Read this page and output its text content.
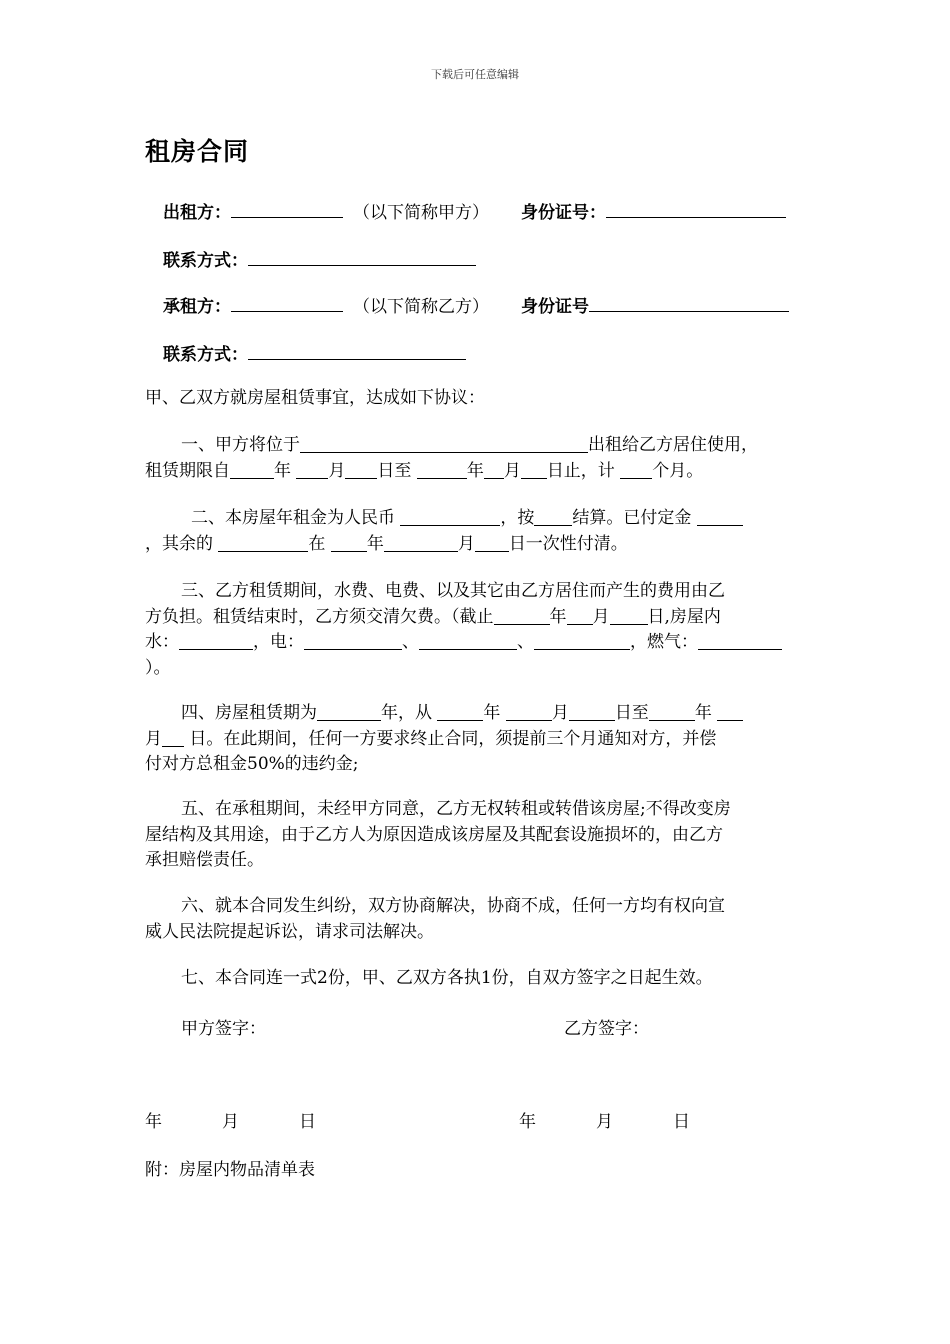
下载后可任意编辑
租房合同
出租方：	（以下简称甲方） 身份证号：
联系方式：
承租方：	（以下简称乙方） 身份证号
联系方式：
甲、乙双方就房屋租赁事宜，达成如下协议：
一、甲方将位于	出租给乙方居住使用，
租赁期限自	年 月 日至	年 月 日止，计 个月。
二、本房屋年租金为人民币	，按 结算。已付定金
，其余的	在 年	月 日一次性付清。
三、乙方租赁期间，水费、电费、以及其它由乙方居住而产生的费用由乙
方负担。租赁结束时，乙方须交清欠费。（截止	年 月 日,房屋内
水：	，电：	、	、	，燃气：
）。
四、房屋租赁期为	年，从	年	月	日至	年
月 日。在此期间，任何一方要求终止合同，须提前三个月通知对方，并偿
付对方总租金50%的违约金;
五、在承租期间，未经甲方同意，乙方无权转租或转借该房屋;不得改变房
屋结构及其用途，由于乙方人为原因造成该房屋及其配套设施损坏的，由乙方
承担赔偿责任。
六、就本合同发生纠纷，双方协商解决，协商不成，任何一方均有权向宣
威人民法院提起诉讼，请求司法解决。
七、本合同连一式2份，甲、乙双方各执1份，自双方签字之日起生效。
甲方签字：	乙方签字：
年	月	日	年	月	日
附：房屋内物品清单表
